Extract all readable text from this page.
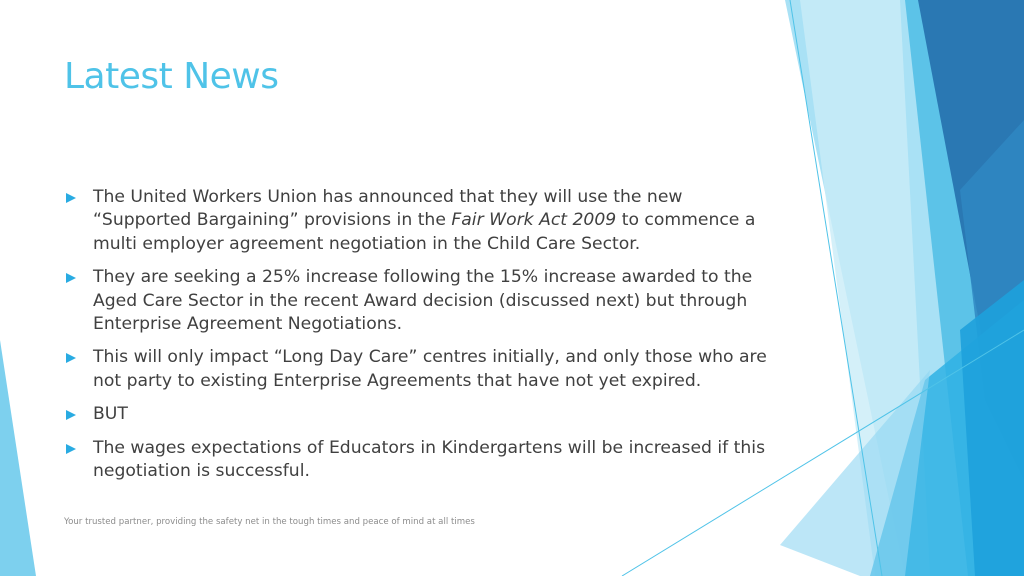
Latest News
The United Workers Union has announced that they will use the new “Supported Bargaining” provisions in the Fair Work Act 2009 to commence a multi employer agreement negotiation in the Child Care Sector.
They are seeking a 25% increase following the 15% increase awarded to the Aged Care Sector in the recent Award decision (discussed next) but through Enterprise Agreement Negotiations.
This will only impact “Long Day Care” centres initially, and only those who are not party to existing Enterprise Agreements that have not yet expired.
BUT
The wages expectations of Educators in Kindergartens will be increased if this negotiation is successful.
Your trusted partner, providing the safety net in the tough times and peace of mind at all times
